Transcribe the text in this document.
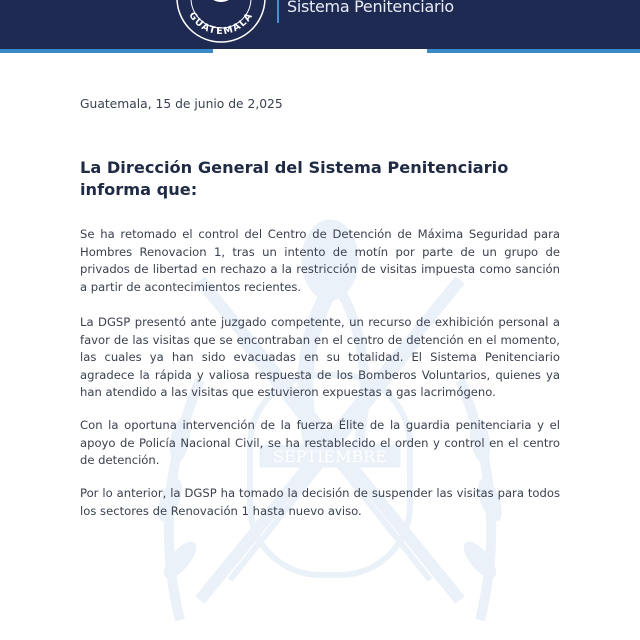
GUATEMALA
Sistema Penitenciario
SEPTIEMBRE
Guatemala, 15 de junio de 2,025
La Dirección General del Sistema Penitenciario informa que:

Se ha retomado el control del Centro de Detención de Máxima Seguridad para Hombres Renovacion 1, tras un intento de motín por parte de un grupo de privados de libertad en rechazo a la restricción de visitas impuesta como sanción a partir de acontecimientos recientes.

La DGSP presentó ante juzgado competente, un recurso de exhibición personal a favor de las visitas que se encontraban en el centro de detención en el momento, las cuales ya han sido evacuadas en su totalidad. El Sistema Penitenciario agradece la rápida y valiosa respuesta de los Bomberos Voluntarios, quienes ya han atendido a las visitas que estuvieron expuestas a gas lacrimógeno.

Con la oportuna intervención de la fuerza Élite de la guardia penitenciaria y el apoyo de Policía Nacional Civil, se ha restablecido el orden y control en el centro de detención.

Por lo anterior, la DGSP ha tomado la decisión de suspender las visitas para todos los sectores de Renovación 1 hasta nuevo aviso.
